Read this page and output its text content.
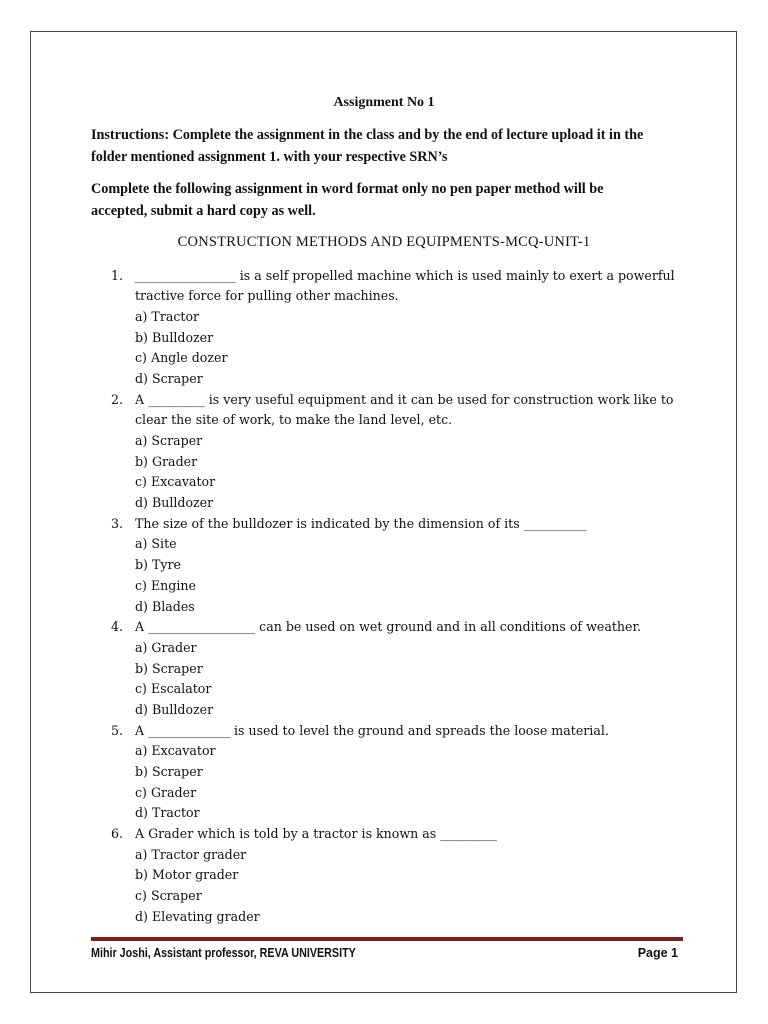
Assignment No 1
Instructions: Complete the assignment in the class and by the end of lecture upload it in the
folder mentioned assignment 1. with your respective SRN’s
Complete the following assignment in word format only no pen paper method will be
accepted, submit a hard copy as well.
CONSTRUCTION METHODS AND EQUIPMENTS-MCQ-UNIT-1
1. ________________ is a self propelled machine which is used mainly to exert a powerful
tractive force for pulling other machines.
a) Tractor
b) Bulldozer
c) Angle dozer
d) Scraper
2. A _________ is very useful equipment and it can be used for construction work like to
clear the site of work, to make the land level, etc.
a) Scraper
b) Grader
c) Excavator
d) Bulldozer
3. The size of the bulldozer is indicated by the dimension of its __________
a) Site
b) Tyre
c) Engine
d) Blades
4. A _________________ can be used on wet ground and in all conditions of weather.
a) Grader
b) Scraper
c) Escalator
d) Bulldozer
5. A _____________ is used to level the ground and spreads the loose material.
a) Excavator
b) Scraper
c) Grader
d) Tractor
6. A Grader which is told by a tractor is known as _________
a) Tractor grader
b) Motor grader
c) Scraper
d) Elevating grader
Mihir Joshi, Assistant professor, REVA UNIVERSITY	Page 1
